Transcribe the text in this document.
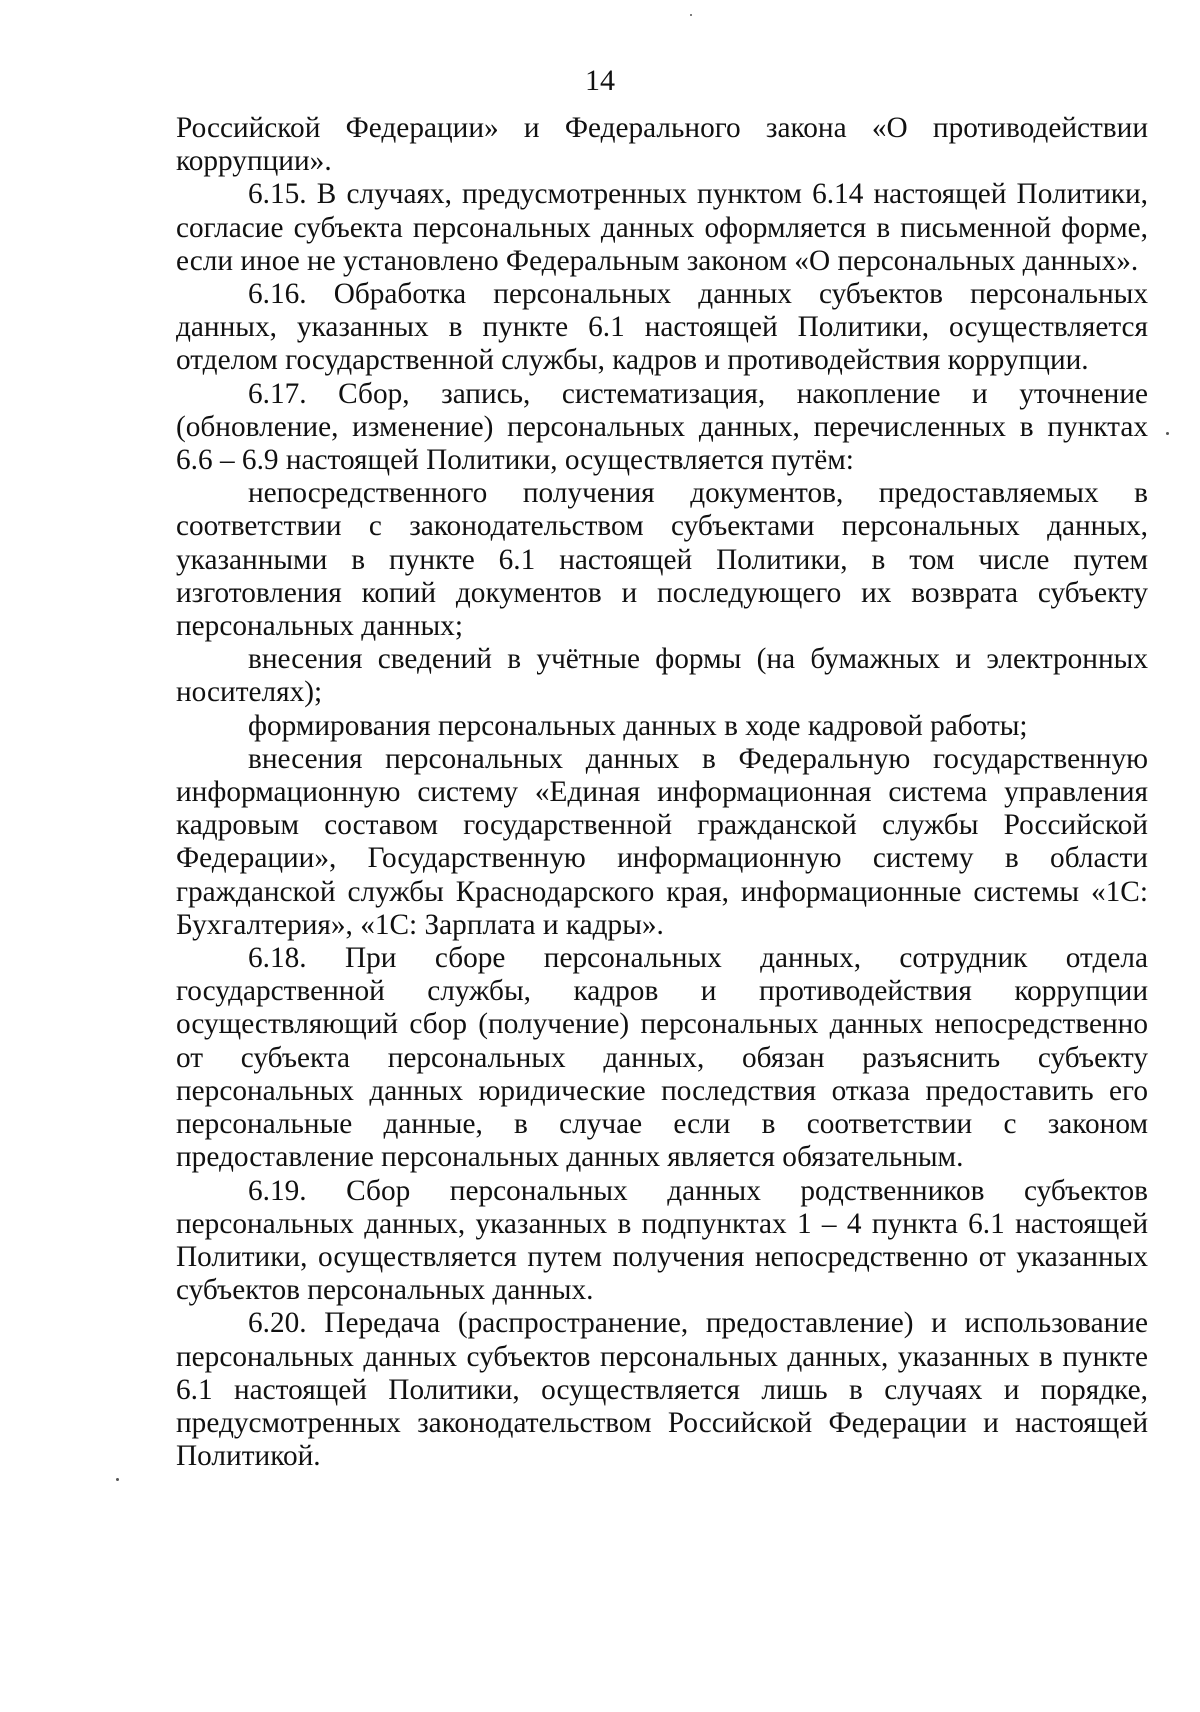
14

Российской Федерации» и Федерального закона «О противодействии коррупции».

6.15. В случаях, предусмотренных пунктом 6.14 настоящей Политики, согласие субъекта персональных данных оформляется в письменной форме, если иное не установлено Федеральным законом «О персональных данных».

6.16. Обработка персональных данных субъектов персональных данных, указанных в пункте 6.1 настоящей Политики, осуществляется отделом государственной службы, кадров и противодействия коррупции.

6.17. Сбор, запись, систематизация, накопление и уточнение (обновление, изменение) персональных данных, перечисленных в пунктах 6.6 – 6.9 настоящей Политики, осуществляется путём:

непосредственного получения документов, предоставляемых в соответствии с законодательством субъектами персональных данных, указанными в пункте 6.1 настоящей Политики, в том числе путем изготовления копий документов и последующего их возврата субъекту персональных данных;

внесения сведений в учётные формы (на бумажных и электронных носителях);

формирования персональных данных в ходе кадровой работы;

внесения персональных данных в Федеральную государственную информационную систему «Единая информационная система управления кадровым составом государственной гражданской службы Российской Федерации», Государственную информационную систему в области гражданской службы Краснодарского края, информационные системы «1С: Бухгалтерия», «1С: Зарплата и кадры».

6.18. При сборе персональных данных, сотрудник отдела государственной службы, кадров и противодействия коррупции осуществляющий сбор (получение) персональных данных непосредственно от субъекта персональных данных, обязан разъяснить субъекту персональных данных юридические последствия отказа предоставить его персональные данные, в случае если в соответствии с законом предоставление персональных данных является обязательным.

6.19. Сбор персональных данных родственников субъектов персональных данных, указанных в подпунктах 1 – 4 пункта 6.1 настоящей Политики, осуществляется путем получения непосредственно от указанных субъектов персональных данных.

6.20. Передача (распространение, предоставление) и использование персональных данных субъектов персональных данных, указанных в пункте 6.1 настоящей Политики, осуществляется лишь в случаях и порядке, предусмотренных законодательством Российской Федерации и настоящей Политикой.
